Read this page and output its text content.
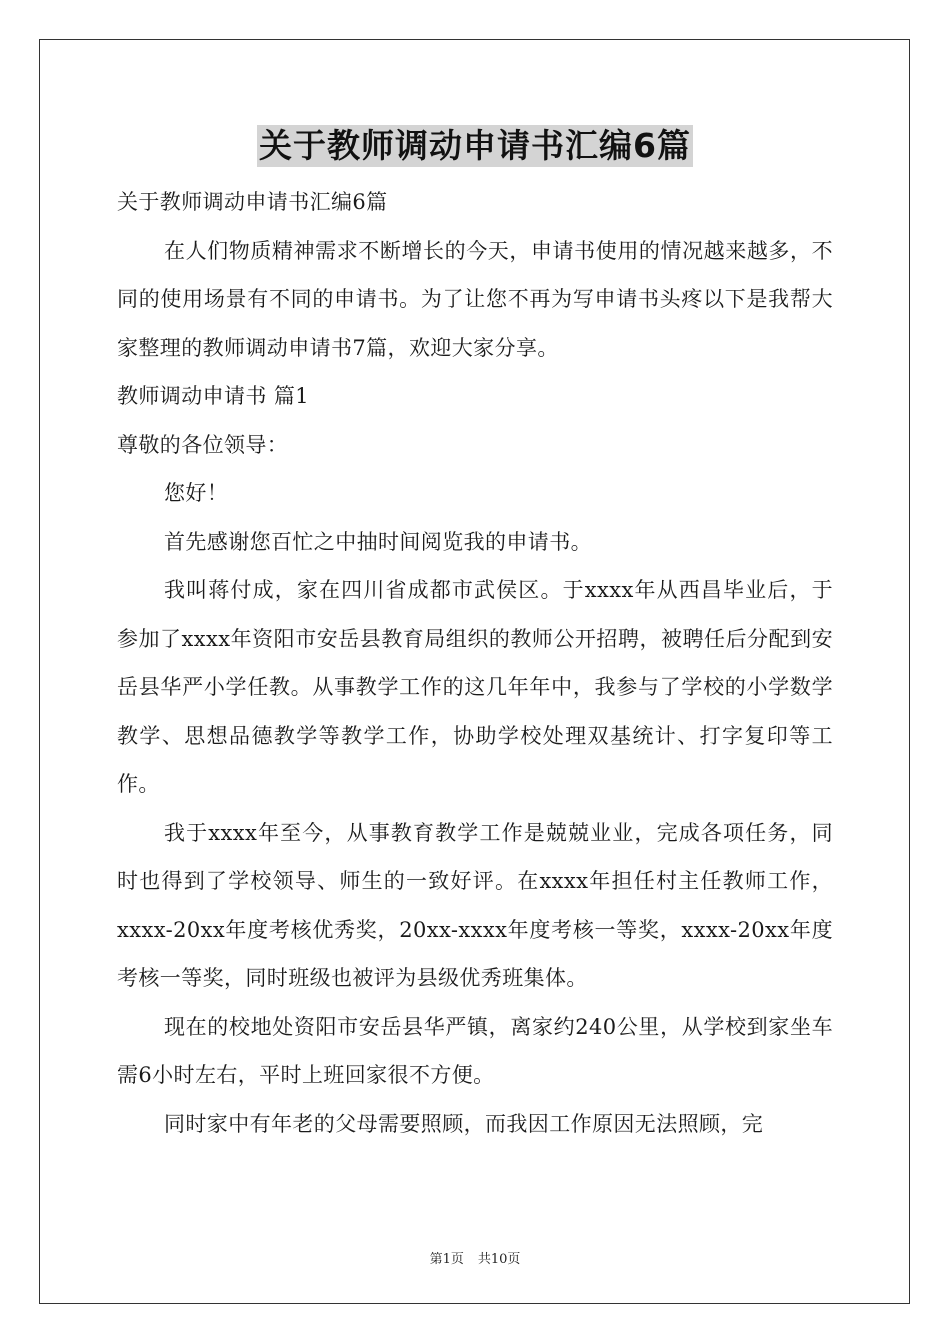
关于教师调动申请书汇编6篇

关于教师调动申请书汇编6篇

在人们物质精神需求不断增长的今天，申请书使用的情况越来越多，不同的使用场景有不同的申请书。为了让您不再为写申请书头疼以下是我帮大家整理的教师调动申请书7篇，欢迎大家分享。

教师调动申请书 篇1

尊敬的各位领导：

您好！

首先感谢您百忙之中抽时间阅览我的申请书。

我叫蒋付成，家在四川省成都市武侯区。于xxxx年从西昌毕业后，于参加了xxxx年资阳市安岳县教育局组织的教师公开招聘，被聘任后分配到安岳县华严小学任教。从事教学工作的这几年年中，我参与了学校的小学数学教学、思想品德教学等教学工作，协助学校处理双基统计、打字复印等工作。

我于xxxx年至今，从事教育教学工作是兢兢业业，完成各项任务，同时也得到了学校领导、师生的一致好评。在xxxx年担任村主任教师工作，xxxx-20xx年度考核优秀奖，20xx-xxxx年度考核一等奖，xxxx-20xx年度考核一等奖，同时班级也被评为县级优秀班集体。

现在的校地处资阳市安岳县华严镇，离家约240公里，从学校到家坐车需6小时左右，平时上班回家很不方便。

同时家中有年老的父母需要照顾，而我因工作原因无法照顾，完

第1页 共10页
